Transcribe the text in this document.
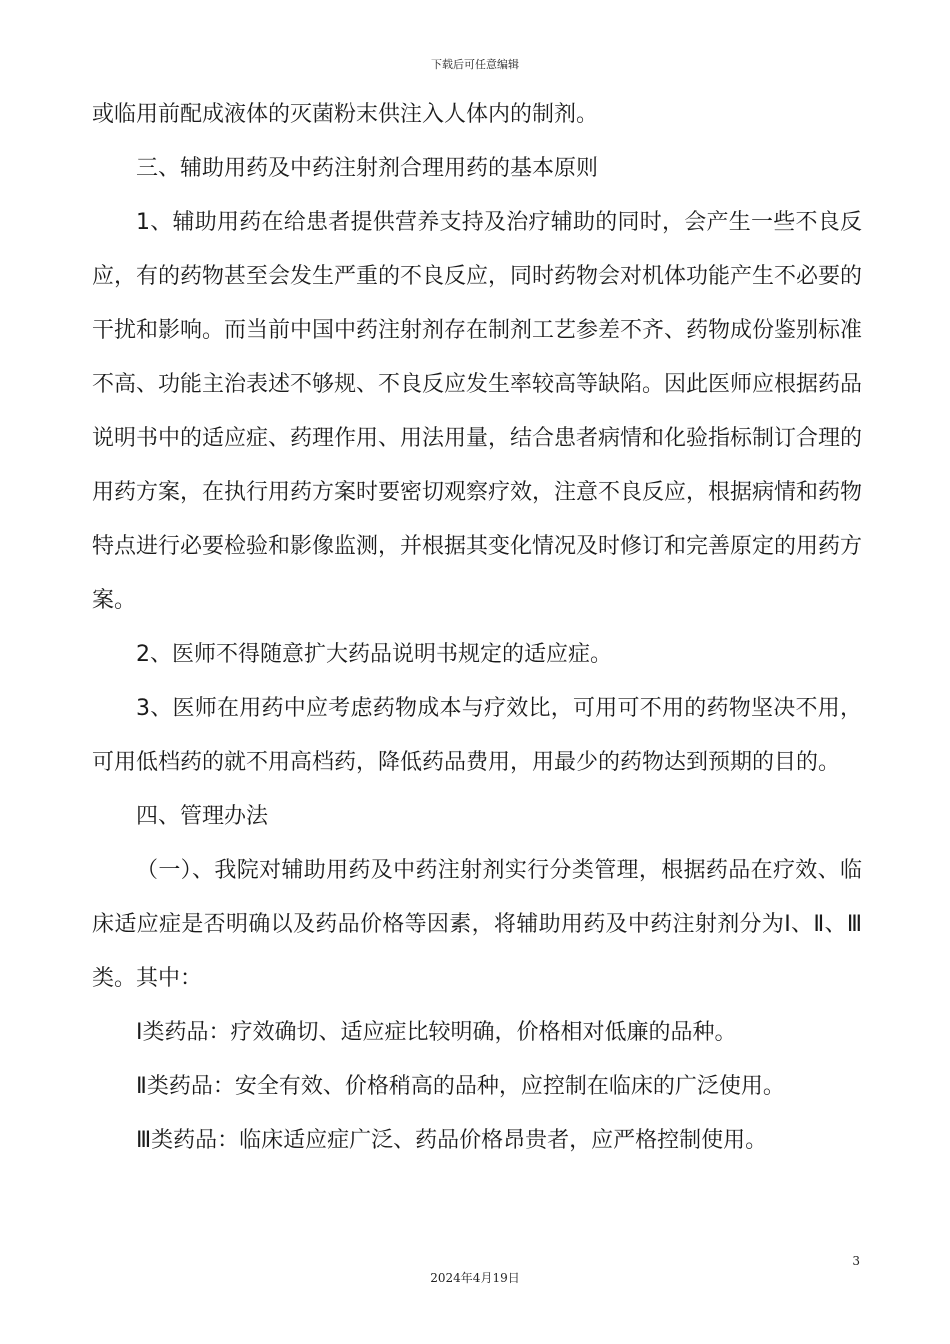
下载后可任意编辑

或临用前配成液体的灭菌粉末供注入人体内的制剂。

三、辅助用药及中药注射剂合理用药的基本原则

1、辅助用药在给患者提供营养支持及治疗辅助的同时，会产生一些不良反应，有的药物甚至会发生严重的不良反应，同时药物会对机体功能产生不必要的干扰和影响。而当前中国中药注射剂存在制剂工艺参差不齐、药物成份鉴别标准不高、功能主治表述不够规、不良反应发生率较高等缺陷。因此医师应根据药品说明书中的适应症、药理作用、用法用量，结合患者病情和化验指标制订合理的用药方案，在执行用药方案时要密切观察疗效，注意不良反应，根据病情和药物特点进行必要检验和影像监测，并根据其变化情况及时修订和完善原定的用药方案。

2、医师不得随意扩大药品说明书规定的适应症。

3、医师在用药中应考虑药物成本与疗效比，可用可不用的药物坚决不用，可用低档药的就不用高档药，降低药品费用，用最少的药物达到预期的目的。

四、管理办法

（一）、我院对辅助用药及中药注射剂实行分类管理，根据药品在疗效、临床适应症是否明确以及药品价格等因素，将辅助用药及中药注射剂分为Ⅰ、Ⅱ、Ⅲ类。其中：

Ⅰ类药品：疗效确切、适应症比较明确，价格相对低廉的品种。

Ⅱ类药品：安全有效、价格稍高的品种，应控制在临床的广泛使用。

Ⅲ类药品：临床适应症广泛、药品价格昂贵者，应严格控制使用。

3
2024年4月19日
